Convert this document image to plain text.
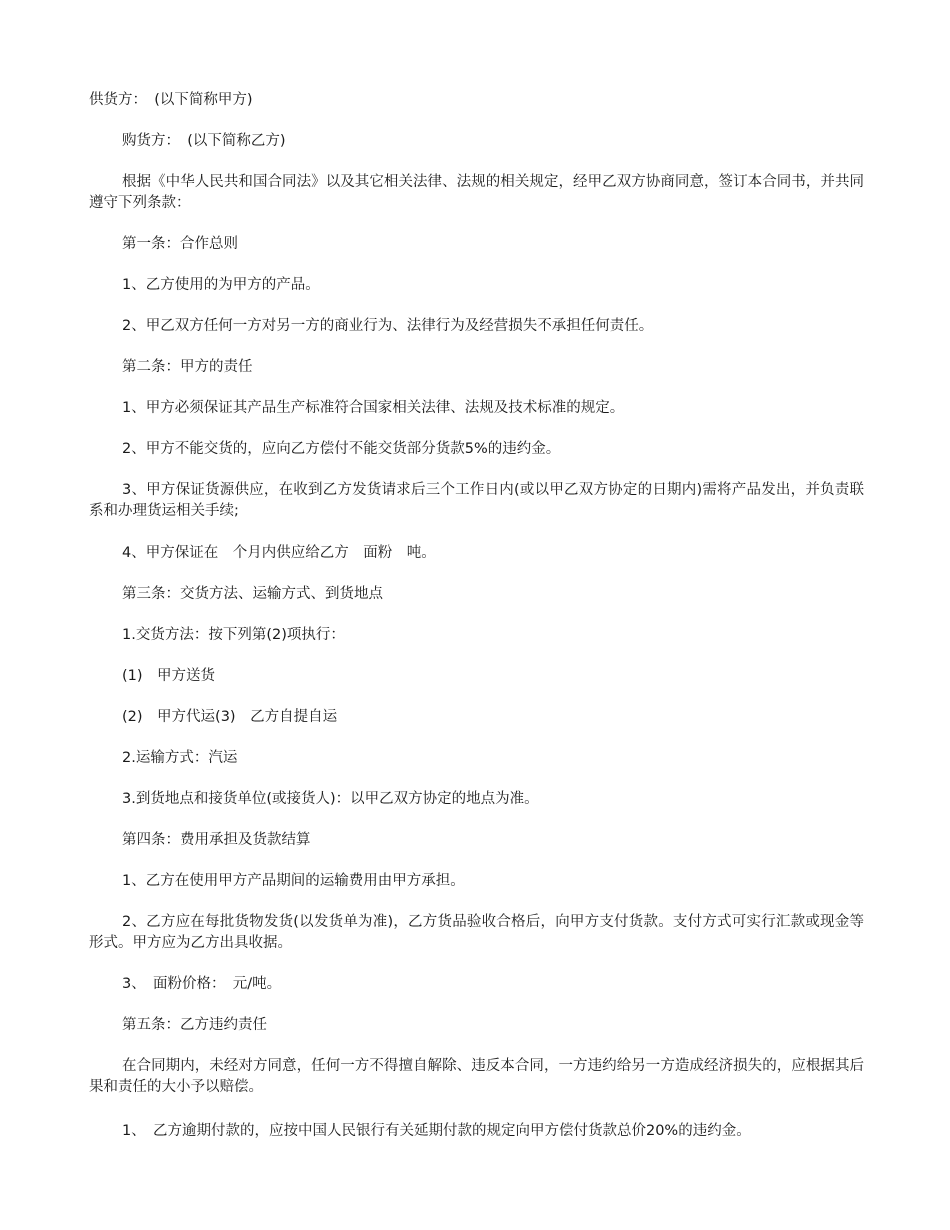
供货方：　(以下简称甲方)

购货方：　(以下简称乙方)

根据《中华人民共和国合同法》以及其它相关法律、法规的相关规定，经甲乙双方协商同意，签订本合同书，并共同遵守下列条款：

第一条：合作总则

1、乙方使用的为甲方的产品。

2、甲乙双方任何一方对另一方的商业行为、法律行为及经营损失不承担任何责任。

第二条：甲方的责任

1、甲方必须保证其产品生产标准符合国家相关法律、法规及技术标准的规定。

2、甲方不能交货的，应向乙方偿付不能交货部分货款5%的违约金。

3、甲方保证货源供应，在收到乙方发货请求后三个工作日内(或以甲乙双方协定的日期内)需将产品发出，并负责联系和办理货运相关手续;

4、甲方保证在　个月内供应给乙方　面粉　吨。

第三条：交货方法、运输方式、到货地点

1.交货方法：按下列第(2)项执行：

(1)　甲方送货

(2)　甲方代运(3)　乙方自提自运

2.运输方式：汽运

3.到货地点和接货单位(或接货人)：以甲乙双方协定的地点为准。

第四条：费用承担及货款结算

1、乙方在使用甲方产品期间的运输费用由甲方承担。

2、乙方应在每批货物发货(以发货单为准)，乙方货品验收合格后，向甲方支付货款。支付方式可实行汇款或现金等形式。甲方应为乙方出具收据。

3、　面粉价格：　元/吨。

第五条：乙方违约责任

在合同期内，未经对方同意，任何一方不得擅自解除、违反本合同，一方违约给另一方造成经济损失的，应根据其后果和责任的大小予以赔偿。

1、　乙方逾期付款的，应按中国人民银行有关延期付款的规定向甲方偿付货款总价20%的违约金。
